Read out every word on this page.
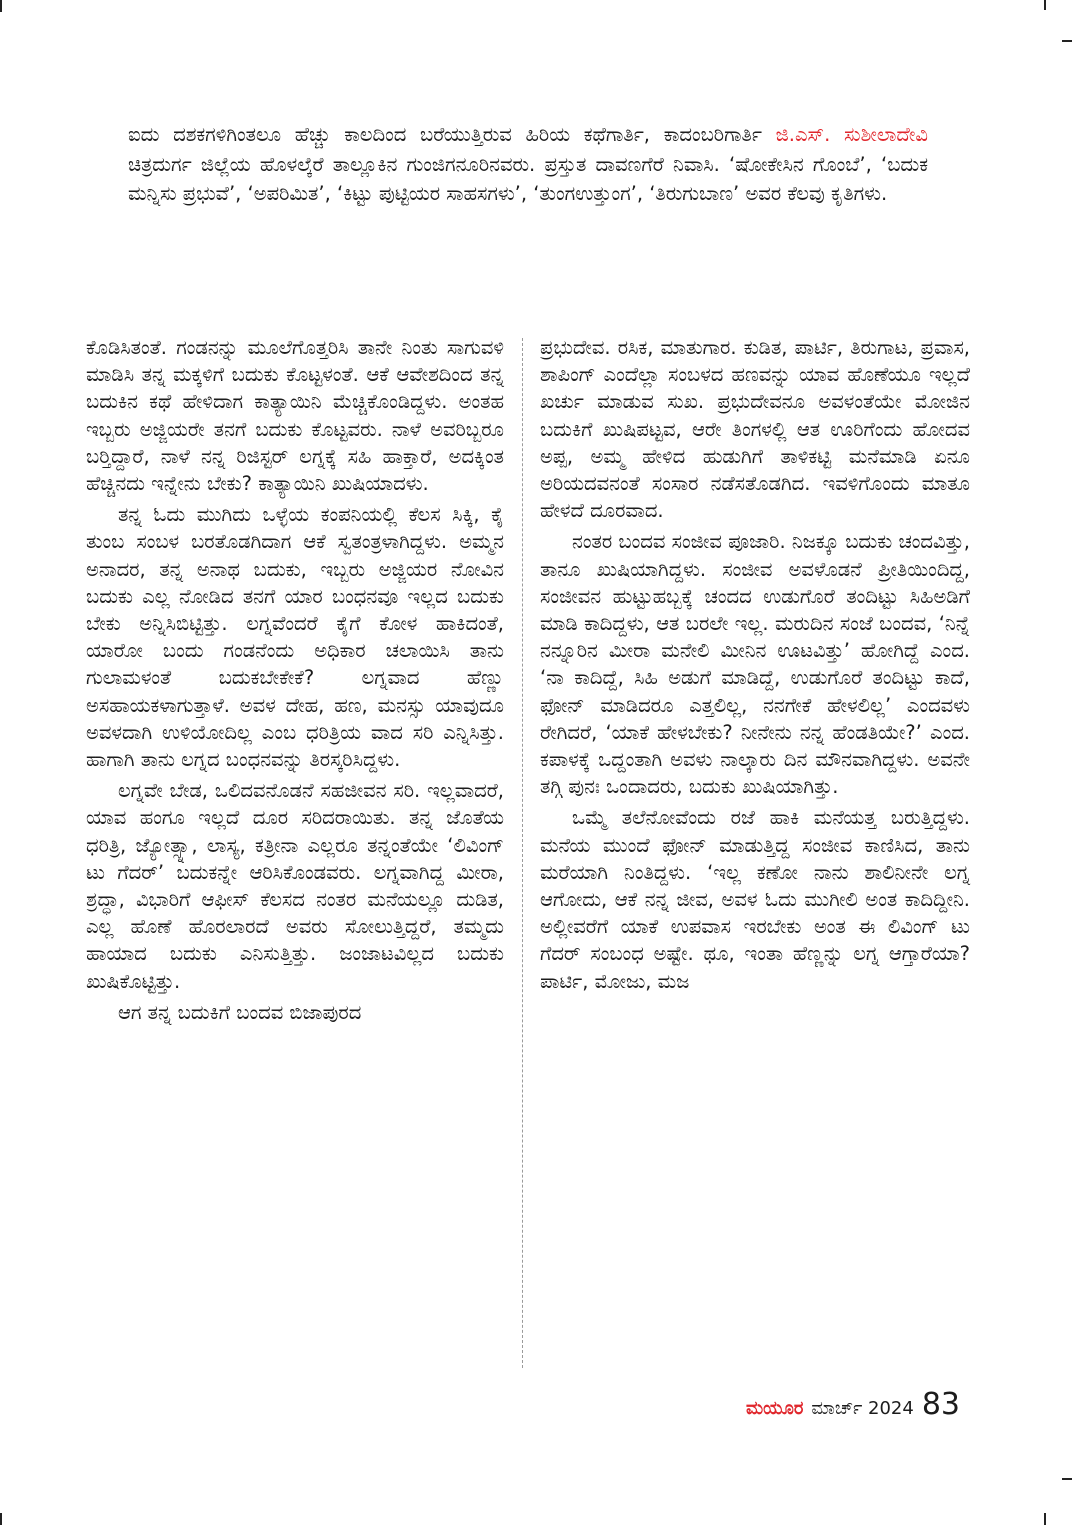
ಐದು ದಶಕಗಳಿಗಿಂತಲೂ ಹೆಚ್ಚು ಕಾಲದಿಂದ ಬರೆಯುತ್ತಿರುವ ಹಿರಿಯ ಕಥೆಗಾರ್ತಿ, ಕಾದಂಬರಿಗಾರ್ತಿ ಜಿ.ಎಸ್. ಸುಶೀಲಾದೇವಿ ಚಿತ್ರದುರ್ಗ ಜಿಲ್ಲೆಯ ಹೊಳಲ್ಕೆರೆ ತಾಲ್ಲೂಕಿನ ಗುಂಜಿಗನೂರಿನವರು. ಪ್ರಸ್ತುತ ದಾವಣಗೆರೆ ನಿವಾಸಿ. ‘ಷೋಕೇಸಿನ ಗೊಂಬೆ’, ‘ಬದುಕ ಮನ್ನಿಸು ಪ್ರಭುವೆ’, ‘ಅಪರಿಮಿತ’, ‘ಕಿಟ್ಟು ಪುಟ್ಟಿಯರ ಸಾಹಸಗಳು’, ‘ತುಂಗಉತ್ತುಂಗ’, ‘ತಿರುಗುಬಾಣ’ ಅವರ ಕೆಲವು ಕೃತಿಗಳು.

ಕೊಡಿಸಿತಂತೆ. ಗಂಡನನ್ನು ಮೂಲೆಗೊತ್ತರಿಸಿ ತಾನೇ ನಿಂತು ಸಾಗುವಳಿ ಮಾಡಿಸಿ ತನ್ನ ಮಕ್ಕಳಿಗೆ ಬದುಕು ಕೊಟ್ಟಳಂತೆ. ಆಕೆ ಆವೇಶದಿಂದ ತನ್ನ ಬದುಕಿನ ಕಥೆ ಹೇಳಿದಾಗ ಕಾತ್ಯಾಯಿನಿ ಮೆಚ್ಚಿಕೊಂಡಿದ್ದಳು. ಅಂತಹ ಇಬ್ಬರು ಅಜ್ಜಿಯರೇ ತನಗೆ ಬದುಕು ಕೊಟ್ಟವರು. ನಾಳೆ ಅವರಿಬ್ಬರೂ ಬರ್‍ತಿದ್ದಾರೆ, ನಾಳೆ ನನ್ನ ರಿಜಿಸ್ಟರ್ ಲಗ್ನಕ್ಕೆ ಸಹಿ ಹಾಕ್ತಾರೆ, ಅದಕ್ಕಿಂತ ಹೆಚ್ಚಿನದು ಇನ್ನೇನು ಬೇಕು? ಕಾತ್ಯಾಯಿನಿ ಖುಷಿಯಾದಳು.

ತನ್ನ ಓದು ಮುಗಿದು ಒಳ್ಳೆಯ ಕಂಪನಿಯಲ್ಲಿ ಕೆಲಸ ಸಿಕ್ಕಿ, ಕೈ ತುಂಬ ಸಂಬಳ ಬರತೊಡಗಿದಾಗ ಆಕೆ ಸ್ವತಂತ್ರಳಾಗಿದ್ದಳು. ಅಮ್ಮನ ಅನಾದರ, ತನ್ನ ಅನಾಥ ಬದುಕು, ಇಬ್ಬರು ಅಜ್ಜಿಯರ ನೋವಿನ ಬದುಕು ಎಲ್ಲ ನೋಡಿದ ತನಗೆ ಯಾರ ಬಂಧನವೂ ಇಲ್ಲದ ಬದುಕು ಬೇಕು ಅನ್ನಿಸಿಬಿಟ್ಟಿತ್ತು. ಲಗ್ನವೆಂದರೆ ಕೈಗೆ ಕೋಳ ಹಾಕಿದಂತೆ, ಯಾರೋ ಬಂದು ಗಂಡನೆಂದು ಅಧಿಕಾರ ಚಲಾಯಿಸಿ ತಾನು ಗುಲಾಮಳಂತೆ ಬದುಕಬೇಕೇಕೆ? ಲಗ್ನವಾದ ಹೆಣ್ಣು ಅಸಹಾಯಕಳಾಗುತ್ತಾಳೆ. ಅವಳ ದೇಹ, ಹಣ, ಮನಸ್ಸು ಯಾವುದೂ ಅವಳದಾಗಿ ಉಳಿಯೋದಿಲ್ಲ ಎಂಬ ಧರಿತ್ರಿಯ ವಾದ ಸರಿ ಎನ್ನಿಸಿತ್ತು. ಹಾಗಾಗಿ ತಾನು ಲಗ್ನದ ಬಂಧನವನ್ನು ತಿರಸ್ಕರಿಸಿದ್ದಳು.

ಲಗ್ನವೇ ಬೇಡ, ಒಲಿದವನೊಡನೆ ಸಹಜೀವನ ಸರಿ. ಇಲ್ಲವಾದರೆ, ಯಾವ ಹಂಗೂ ಇಲ್ಲದೆ ದೂರ ಸರಿದರಾಯಿತು. ತನ್ನ ಜೊತೆಯ ಧರಿತ್ರಿ, ಜ್ಯೋತ್ಸ್ನಾ, ಲಾಸ್ಯ, ಕತ್ರೀನಾ ಎಲ್ಲರೂ ತನ್ನಂತೆಯೇ ‘ಲಿವಿಂಗ್ ಟು ಗೆದರ್’ ಬದುಕನ್ನೇ ಆರಿಸಿಕೊಂಡವರು. ಲಗ್ನವಾಗಿದ್ದ ಮೀರಾ, ಶ್ರದ್ಧಾ, ವಿಭಾರಿಗೆ ಆಫೀಸ್ ಕೆಲಸದ ನಂತರ ಮನೆಯಲ್ಲೂ ದುಡಿತ, ಎಲ್ಲ ಹೊಣೆ ಹೊರಲಾರದೆ ಅವರು ಸೋಲುತ್ತಿದ್ದರೆ, ತಮ್ಮದು ಹಾಯಾದ ಬದುಕು ಎನಿಸುತ್ತಿತ್ತು. ಜಂಜಾಟವಿಲ್ಲದ ಬದುಕು ಖುಷಿಕೊಟ್ಟಿತ್ತು.

ಆಗ ತನ್ನ ಬದುಕಿಗೆ ಬಂದವ ಬಿಜಾಪುರದ

ಪ್ರಭುದೇವ. ರಸಿಕ, ಮಾತುಗಾರ. ಕುಡಿತ, ಪಾರ್ಟಿ, ತಿರುಗಾಟ, ಪ್ರವಾಸ, ಶಾಪಿಂಗ್ ಎಂದೆಲ್ಲಾ ಸಂಬಳದ ಹಣವನ್ನು ಯಾವ ಹೊಣೆಯೂ ಇಲ್ಲದೆ ಖರ್ಚು ಮಾಡುವ ಸುಖ. ಪ್ರಭುದೇವನೂ ಅವಳಂತೆಯೇ ಮೋಜಿನ ಬದುಕಿಗೆ ಖುಷಿಪಟ್ಟವ, ಆರೇ ತಿಂಗಳಲ್ಲಿ ಆತ ಊರಿಗೆಂದು ಹೋದವ ಅಪ್ಪ, ಅಮ್ಮ ಹೇಳಿದ ಹುಡುಗಿಗೆ ತಾಳಿಕಟ್ಟಿ ಮನೆಮಾಡಿ ಏನೂ ಅರಿಯದವನಂತೆ ಸಂಸಾರ ನಡೆಸತೊಡಗಿದ. ಇವಳಿಗೊಂದು ಮಾತೂ ಹೇಳದೆ ದೂರವಾದ.

ನಂತರ ಬಂದವ ಸಂಜೀವ ಪೂಜಾರಿ. ನಿಜಕ್ಕೂ ಬದುಕು ಚಂದವಿತ್ತು, ತಾನೂ ಖುಷಿಯಾಗಿದ್ದಳು. ಸಂಜೀವ ಅವಳೊಡನೆ ಪ್ರೀತಿಯಿಂದಿದ್ದ, ಸಂಜೀವನ ಹುಟ್ಟುಹಬ್ಬಕ್ಕೆ ಚಂದದ ಉಡುಗೊರೆ ತಂದಿಟ್ಟು ಸಿಹಿಅಡಿಗೆ ಮಾಡಿ ಕಾದಿದ್ದಳು, ಆತ ಬರಲೇ ಇಲ್ಲ. ಮರುದಿನ ಸಂಜೆ ಬಂದವ, ‘ನಿನ್ನೆ ನನ್ನೂರಿನ ಮೀರಾ ಮನೇಲಿ ಮೀನಿನ ಊಟವಿತ್ತು’ ಹೋಗಿದ್ದೆ ಎಂದ. ‘ನಾ ಕಾದಿದ್ದೆ, ಸಿಹಿ ಅಡುಗೆ ಮಾಡಿದ್ದೆ, ಉಡುಗೊರೆ ತಂದಿಟ್ಟು ಕಾದೆ, ಫೋನ್ ಮಾಡಿದರೂ ಎತ್ತಲಿಲ್ಲ, ನನಗೇಕೆ ಹೇಳಲಿಲ್ಲ’ ಎಂದವಳು ರೇಗಿದರೆ, ‘ಯಾಕೆ ಹೇಳಬೇಕು? ನೀನೇನು ನನ್ನ ಹೆಂಡತಿಯೇ?’ ಎಂದ. ಕಪಾಳಕ್ಕೆ ಒದ್ದಂತಾಗಿ ಅವಳು ನಾಲ್ಕಾರು ದಿನ ಮೌನವಾಗಿದ್ದಳು. ಅವನೇ ತಗ್ಗಿ ಪುನಃ ಒಂದಾದರು, ಬದುಕು ಖುಷಿಯಾಗಿತ್ತು.

ಒಮ್ಮೆ ತಲೆನೋವೆಂದು ರಜೆ ಹಾಕಿ ಮನೆಯತ್ತ ಬರುತ್ತಿದ್ದಳು. ಮನೆಯ ಮುಂದೆ ಫೋನ್ ಮಾಡುತ್ತಿದ್ದ ಸಂಜೀವ ಕಾಣಿಸಿದ, ತಾನು ಮರೆಯಾಗಿ ನಿಂತಿದ್ದಳು. ‘ಇಲ್ಲ ಕಣೋ ನಾನು ಶಾಲಿನೀನೇ ಲಗ್ನ ಆಗೋದು, ಆಕೆ ನನ್ನ ಜೀವ, ಅವಳ ಓದು ಮುಗೀಲಿ ಅಂತ ಕಾದಿದ್ದೀನಿ. ಅಲ್ಲೀವರೆಗೆ ಯಾಕೆ ಉಪವಾಸ ಇರಬೇಕು ಅಂತ ಈ ಲಿವಿಂಗ್ ಟು ಗೆದರ್ ಸಂಬಂಧ ಅಷ್ಟೇ. ಥೂ, ಇಂತಾ ಹೆಣ್ಣನ್ನು ಲಗ್ನ ಆಗ್ತಾರೆಯಾ? ಪಾರ್ಟಿ, ಮೋಜು, ಮಜ

ಮಯೂರ ಮಾರ್ಚ್ 2024 83
